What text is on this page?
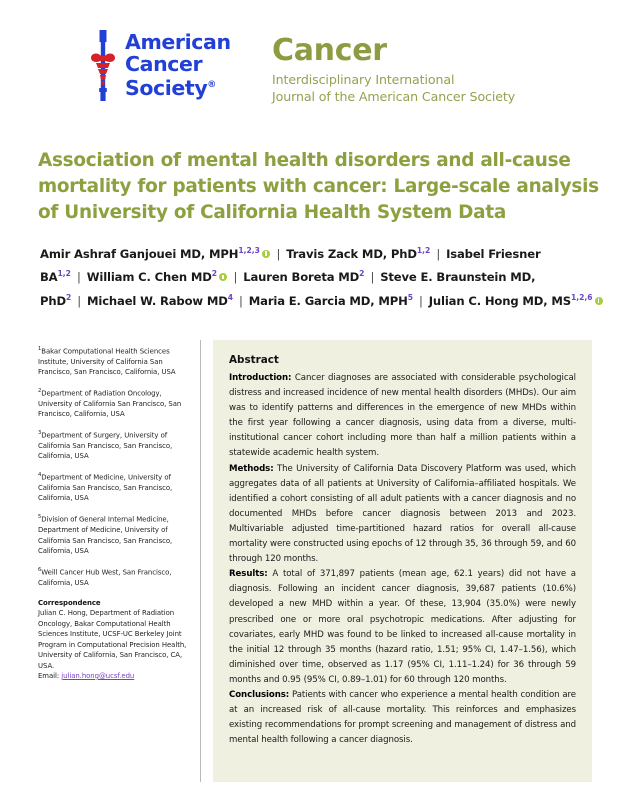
American
Cancer
Society®
Cancer
Interdisciplinary International
Journal of the American Cancer Society
Association of mental health disorders and all-cause mortality for patients with cancer: Large-scale analysis of University of California Health System Data
Amir Ashraf Ganjouei MD, MPH$^{1,2,3}$ | Travis Zack MD, PhD$^{1,2}$ | Isabel Friesner BA$^{1,2}$ | William C. Chen $MD^2$ | Lauren Boreta $MD^2$ | Steve E. Braunstein MD, PhD$^2$ | Michael W. Rabow $MD^4$ | Maria E. Garcia MD, MPH$^5$ | Julian C. Hong MD, MS$^{1,2,6}$
$^1$Bakar Computational Health Sciences Institute, University of California San Francisco, San Francisco, California, USA
$^2$Department of Radiation Oncology, University of California San Francisco, San Francisco, California, USA
$^3$Department of Surgery, University of California San Francisco, San Francisco, California, USA
$^4$Department of Medicine, University of California San Francisco, San Francisco, California, USA
$^5$Division of General Internal Medicine, Department of Medicine, University of California San Francisco, San Francisco, California, USA
$^6$Weill Cancer Hub West, San Francisco, California, USA
Correspondence
Julian C. Hong, Department of Radiation Oncology, Bakar Computational Health Sciences Institute, UCSF-UC Berkeley Joint Program in Computational Precision Health, University of California, San Francisco, CA, USA.
Email: julian.hong@ucsf.edu
Abstract

Introduction: Cancer diagnoses are associated with considerable psychological distress and increased incidence of new mental health disorders (MHDs). Our aim was to identify patterns and differences in the emergence of new MHDs within the first year following a cancer diagnosis, using data from a diverse, multi-institutional cancer cohort including more than half a million patients within a statewide academic health system.

Methods: The University of California Data Discovery Platform was used, which aggregates data of all patients at University of California–affiliated hospitals. We identified a cohort consisting of all adult patients with a cancer diagnosis and no documented MHDs before cancer diagnosis between 2013 and 2023. Multivariable adjusted time-partitioned hazard ratios for overall all-cause mortality were constructed using epochs of 12 through 35, 36 through 59, and 60 through 120 months.

Results: A total of 371,897 patients (mean age, 62.1 years) did not have a diagnosis. Following an incident cancer diagnosis, 39,687 patients (10.6%) developed a new MHD within a year. Of these, 13,904 (35.0%) were newly prescribed one or more oral psychotropic medications. After adjusting for covariates, early MHD was found to be linked to increased all-cause mortality in the initial 12 through 35 months (hazard ratio, 1.51; 95% CI, 1.47–1.56), which diminished over time, observed as 1.17 (95% CI, 1.11–1.24) for 36 through 59 months and 0.95 (95% CI, 0.89–1.01) for 60 through 120 months.

Conclusions: Patients with cancer who experience a mental health condition are at an increased risk of all-cause mortality. This reinforces and emphasizes existing recommendations for prompt screening and management of distress and mental health following a cancer diagnosis.
